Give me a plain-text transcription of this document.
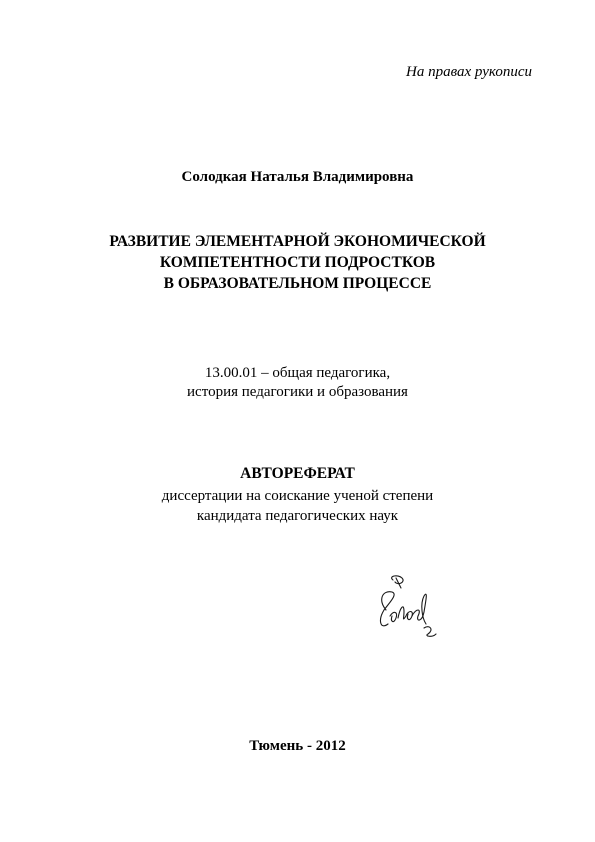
На правах рукописи
Солодкая Наталья Владимировна
РАЗВИТИЕ ЭЛЕМЕНТАРНОЙ ЭКОНОМИЧЕСКОЙ
КОМПЕТЕНТНОСТИ ПОДРОСТКОВ
В ОБРАЗОВАТЕЛЬНОМ ПРОЦЕССЕ
13.00.01 – общая педагогика,
история педагогики и образования
АВТОРЕФЕРАТ
диссертации на соискание ученой степени
кандидата педагогических наук
Тюмень - 2012
